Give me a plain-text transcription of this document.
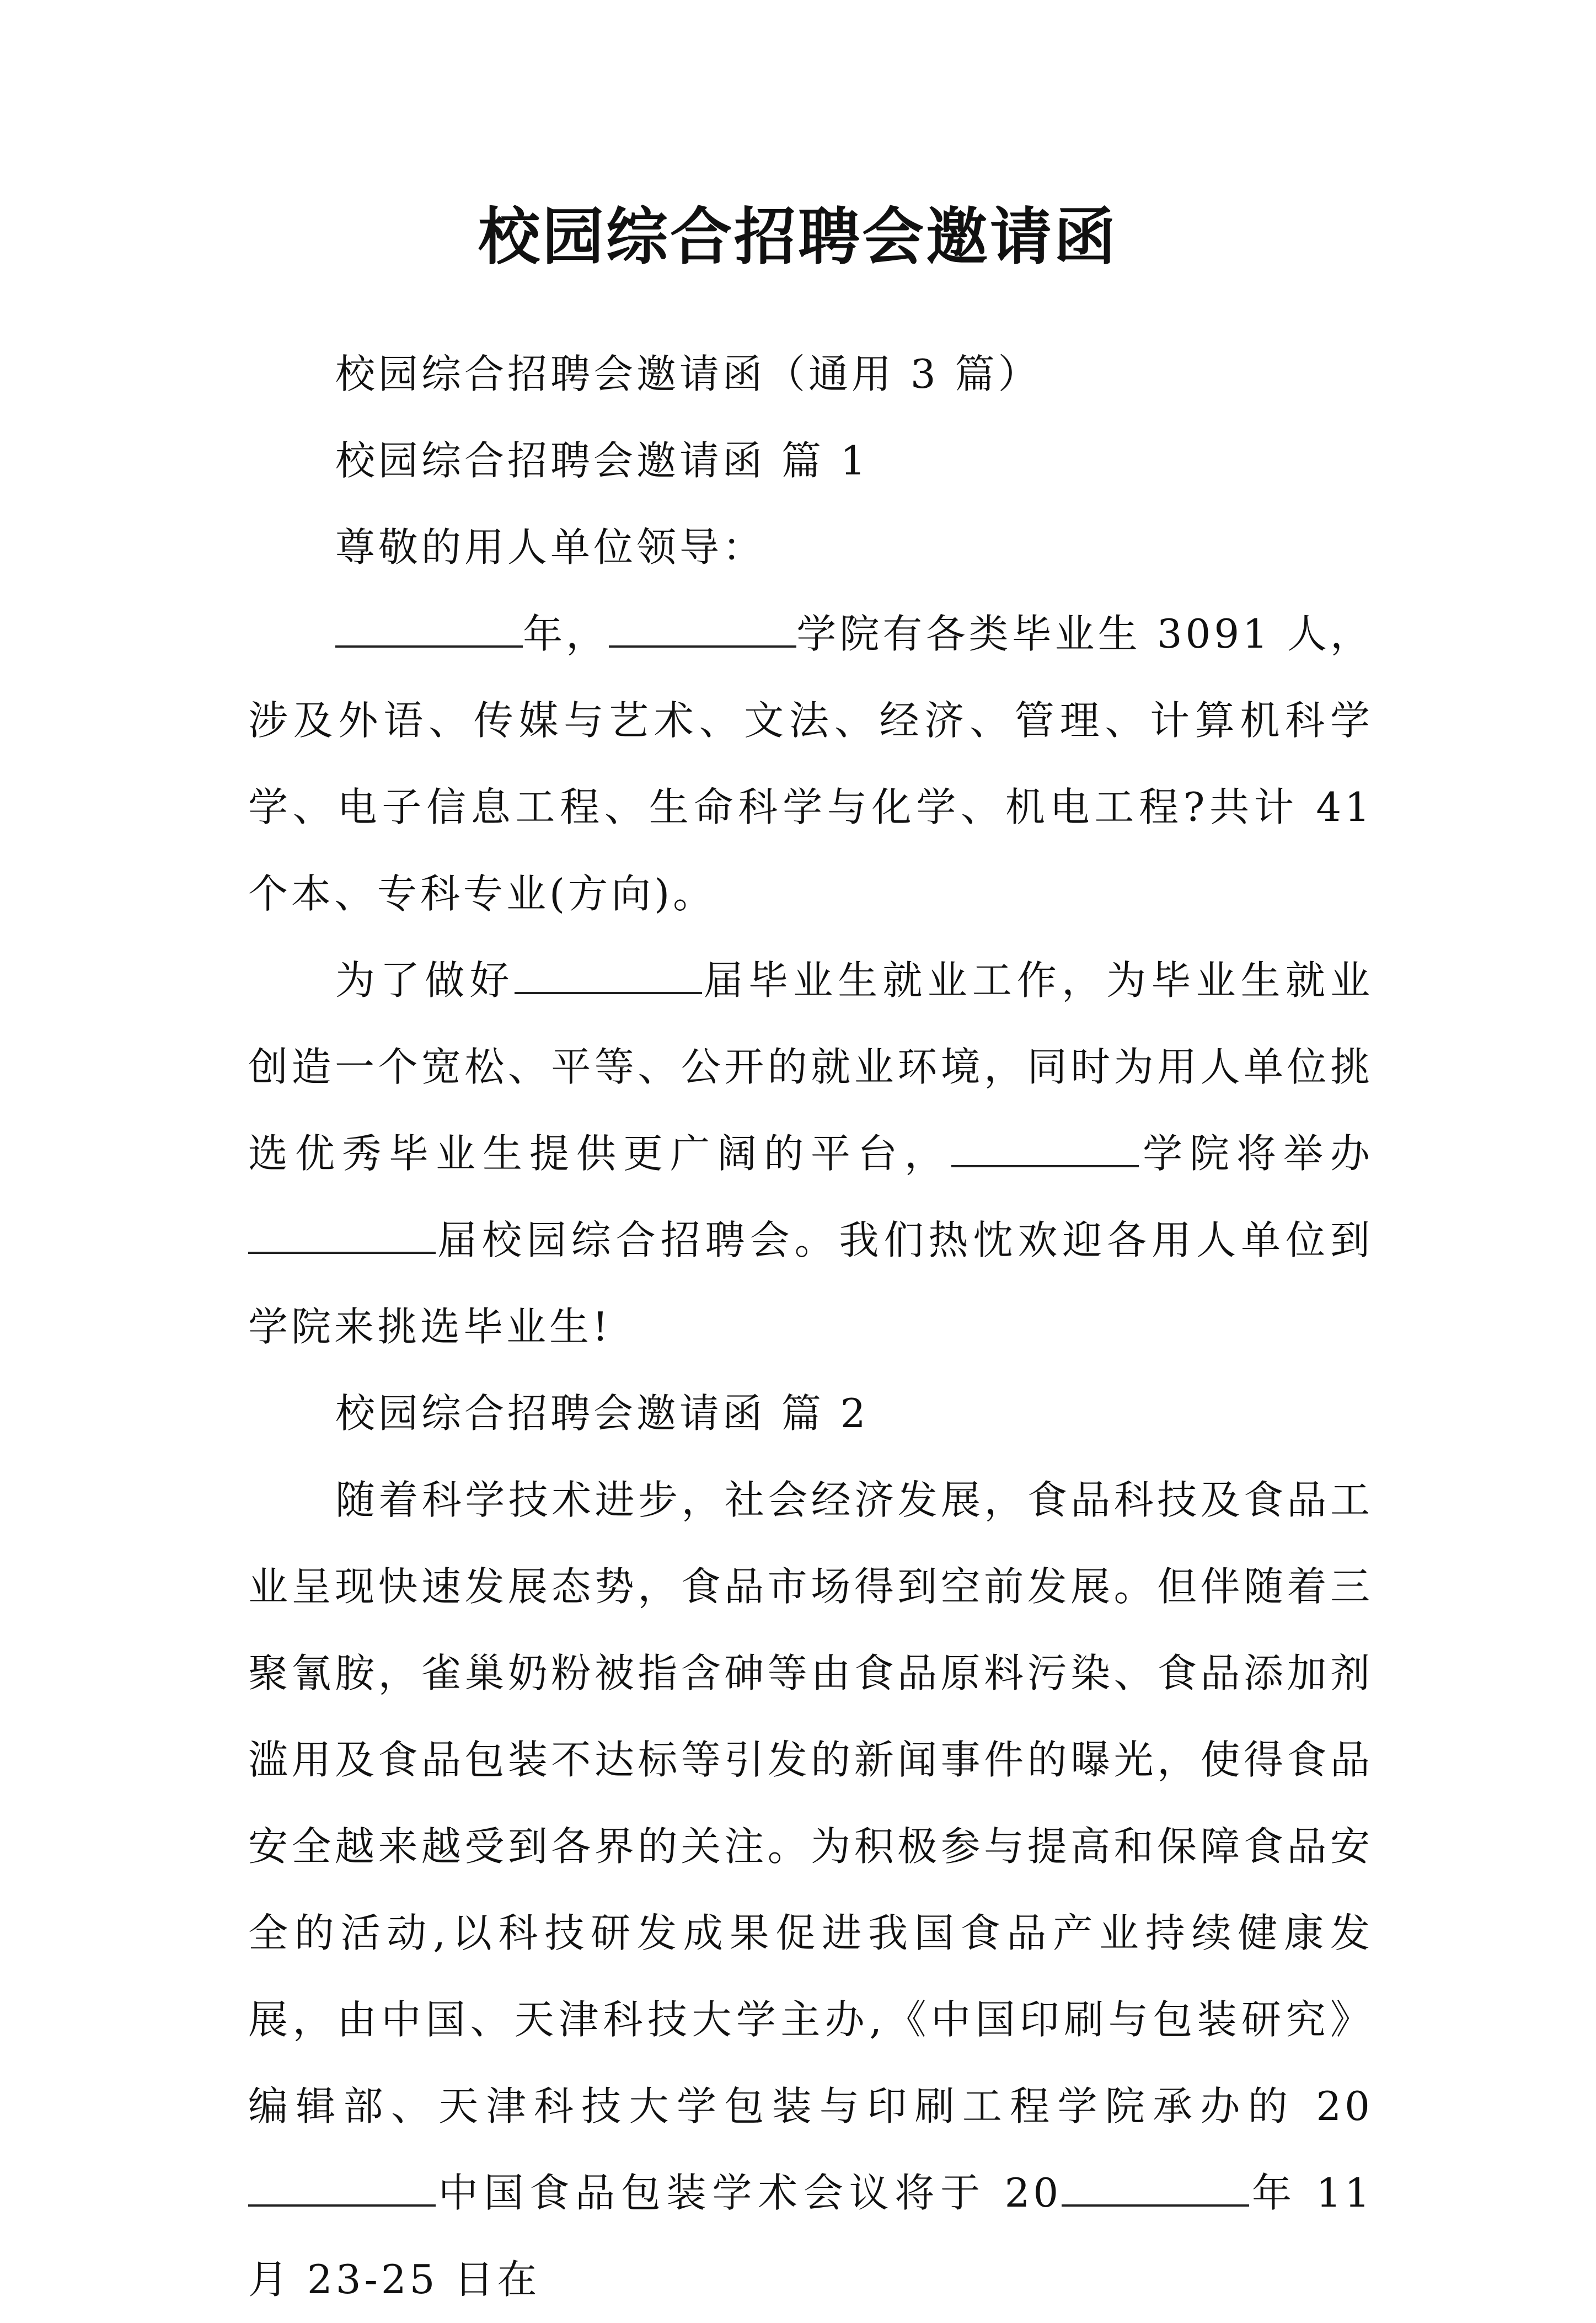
校园综合招聘会邀请函

校园综合招聘会邀请函（通用 3 篇）

校园综合招聘会邀请函 篇 1

尊敬的用人单位领导：

年，	学院有各类毕业生 3091 人，涉及外语、传媒与艺术、文法、经济、管理、计算机科学学、电子信息工程、生命科学与化学、机电工程?共计 41 个本、专科专业(方向)。

为了做好	届毕业生就业工作，为毕业生就业创造一个宽松、平等、公开的就业环境，同时为用人单位挑选优秀毕业生提供更广阔的平台，	学院将举办届校园综合招聘会。我们热忱欢迎各用人单位到学院来挑选毕业生!

校园综合招聘会邀请函 篇 2

随着科学技术进步，社会经济发展，食品科技及食品工业呈现快速发展态势，食品市场得到空前发展。但伴随着三聚氰胺，雀巢奶粉被指含砷等由食品原料污染、食品添加剂滥用及食品包装不达标等引发的新闻事件的曝光，使得食品安全越来越受到各界的关注。为积极参与提高和保障食品安全的活动,以科技研发成果促进我国食品产业持续健康发展，由中国、天津科技大学主办,《中国印刷与包装研究》编辑部、天津科技大学包装与印刷工程学院承办的 20中国食品包装学术会议将于 20	年 11 月 23-25 日在
